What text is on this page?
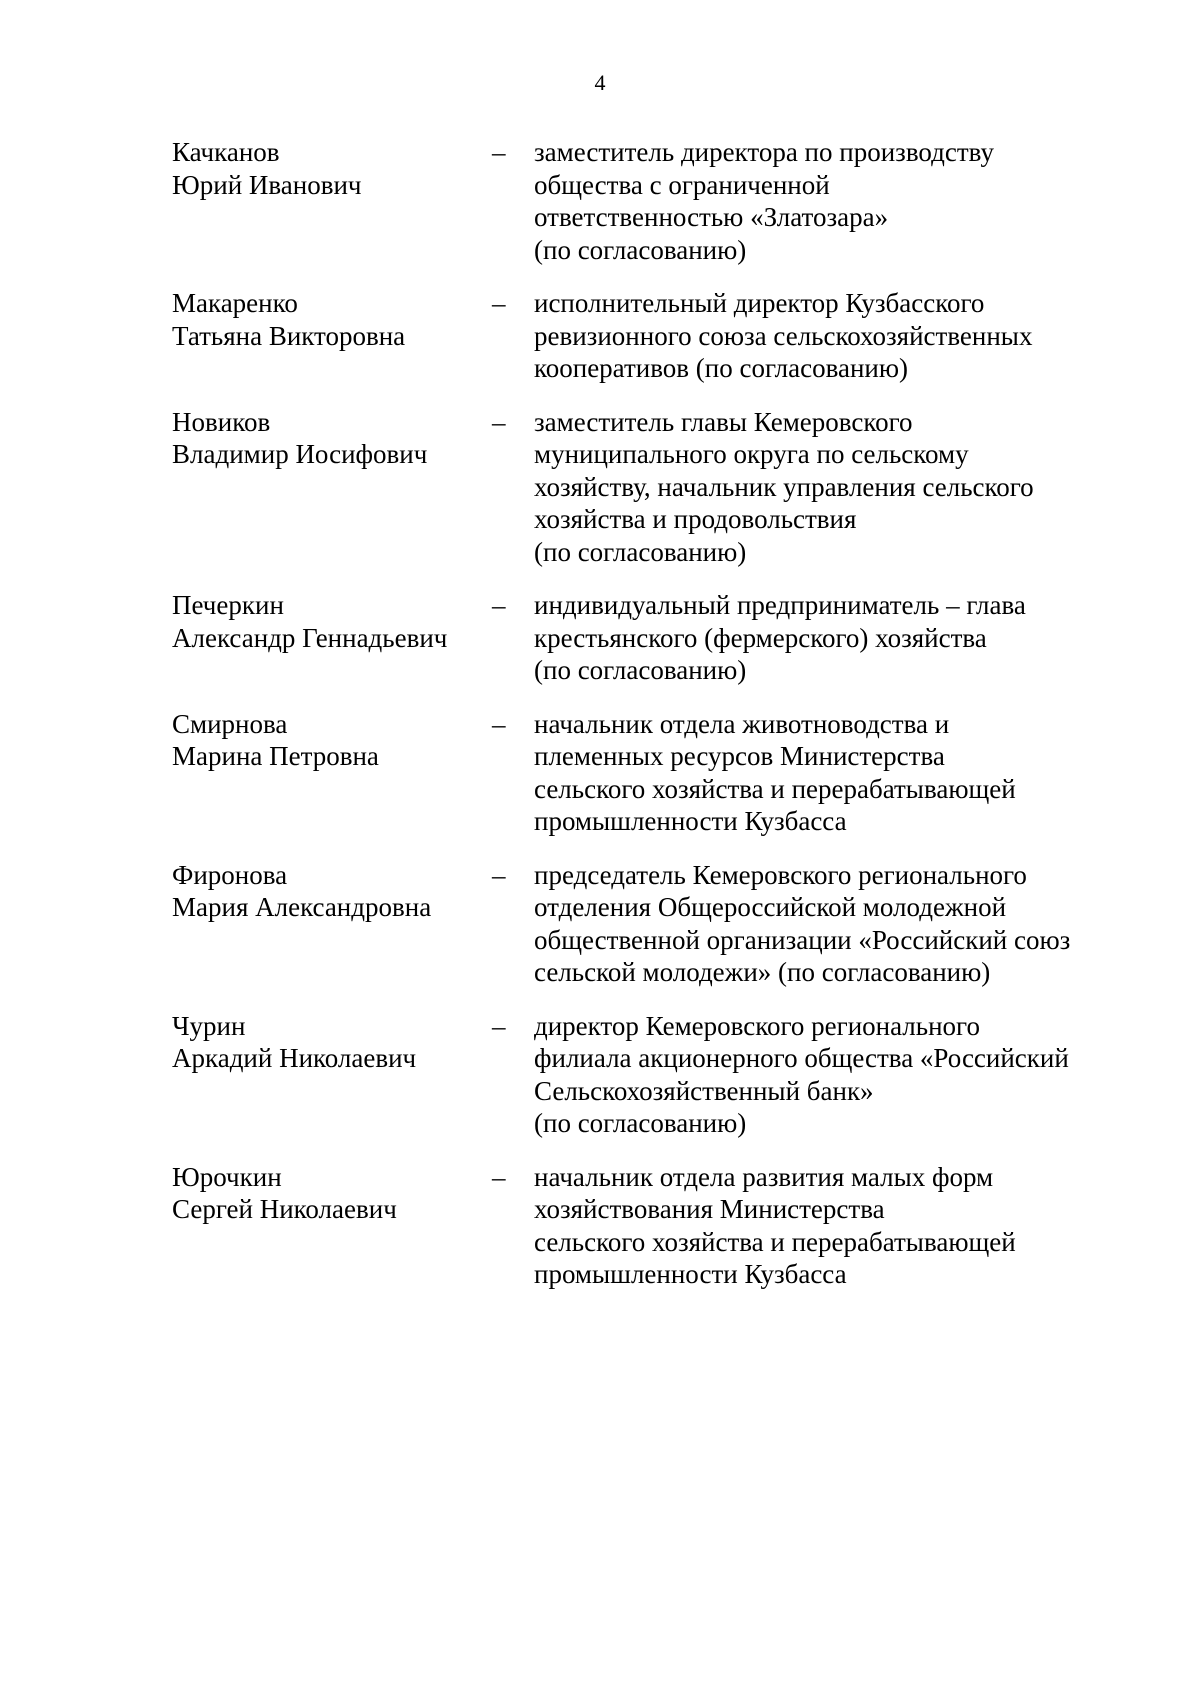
4
Качканов
Юрий Иванович
–	заместитель директора по производству
общества с ограниченной
ответственностью «Златозара»
(по согласованию)
Макаренко
Татьяна Викторовна
–	исполнительный директор Кузбасского
ревизионного союза сельскохозяйственных
кооперативов (по согласованию)
Новиков
Владимир Иосифович
–	заместитель главы Кемеровского
муниципального округа по сельскому
хозяйству, начальник управления сельского
хозяйства и продовольствия
(по согласованию)
Печеркин
Александр Геннадьевич
–	индивидуальный предприниматель – глава
крестьянского (фермерского) хозяйства
(по согласованию)
Смирнова
Марина Петровна
–	начальник отдела животноводства и
племенных ресурсов Министерства
сельского хозяйства и перерабатывающей
промышленности Кузбасса
Фиронова
Мария Александровна
–	председатель Кемеровского регионального
отделения Общероссийской молодежной
общественной организации «Российский союз
сельской молодежи» (по согласованию)
Чурин
Аркадий Николаевич
–	директор Кемеровского регионального
филиала акционерного общества «Российский
Сельскохозяйственный банк»
(по согласованию)
Юрочкин
Сергей Николаевич
–	начальник отдела развития малых форм
хозяйствования Министерства
сельского хозяйства и перерабатывающей
промышленности Кузбасса
